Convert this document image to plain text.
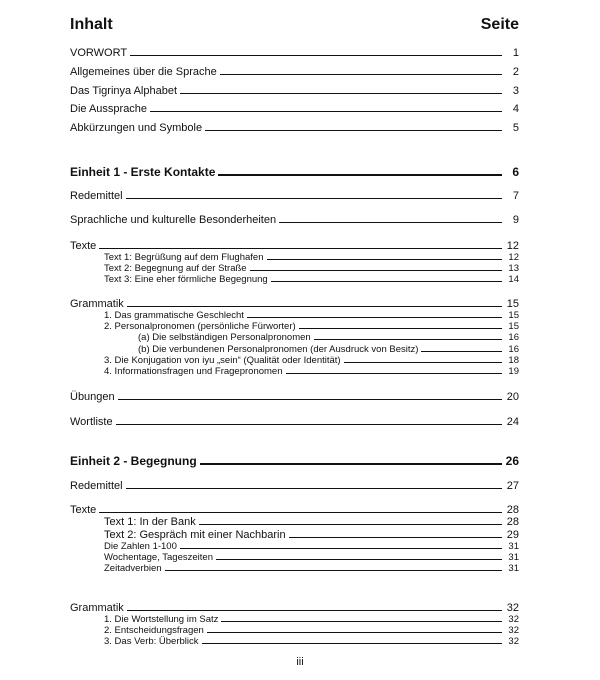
Inhalt	Seite
VORWORT	1
Allgemeines über die Sprache	2
Das Tigrinya Alphabet	3
Die Aussprache	4
Abkürzungen und Symbole	5
Einheit 1 - Erste Kontakte	6
Redemittel	7
Sprachliche und kulturelle Besonderheiten	9
Texte	12
Text 1: Begrüßung auf dem Flughafen	12
Text 2: Begegnung auf der Straße	13
Text 3: Eine eher förmliche Begegnung	14
Grammatik	15
1. Das grammatische Geschlecht	15
2. Personalpronomen (persönliche Fürworter)	15
(a) Die selbständigen Personalpronomen	16
(b) Die verbundenen Personalpronomen (der Ausdruck von Besitz)	16
3. Die Konjugation von iyu „sein“ (Qualität oder Identität)	18
4. Informationsfragen und Fragepronomen	19
Übungen	20
Wortliste	24
Einheit 2 - Begegnung	26
Redemittel	27
Texte	28
Text 1: In der Bank	28
Text 2: Gespräch mit einer Nachbarin	29
Die Zahlen 1-100	31
Wochentage, Tageszeiten	31
Zeitadverbien	31
Grammatik	32
1. Die Wortstellung im Satz	32
2. Entscheidungsfragen	32
3. Das Verb: Überblick	32
iii
